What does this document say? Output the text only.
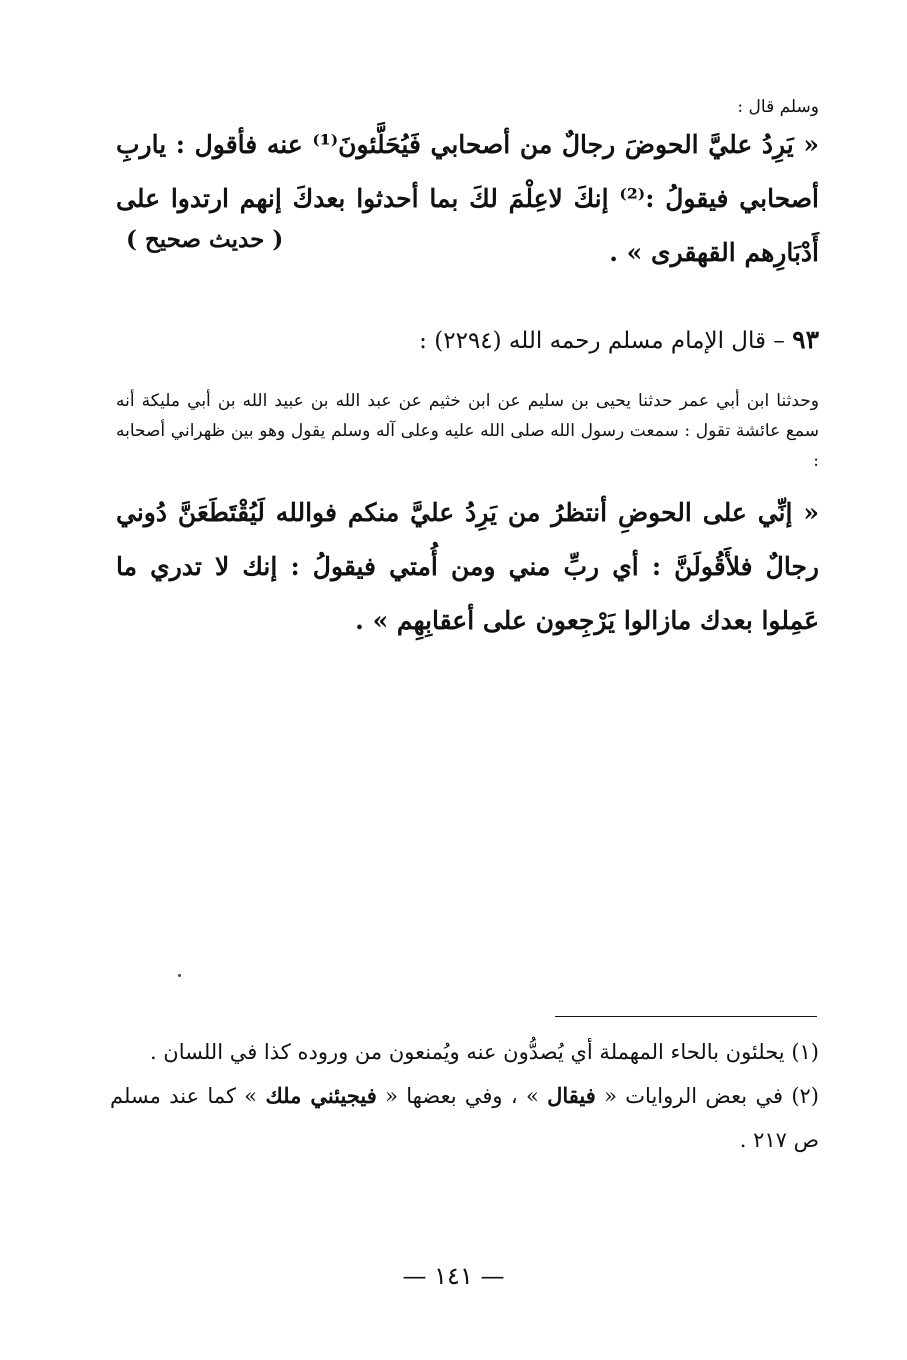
وسلم قال :

« يَرِدُ عليَّ الحوضَ رجالٌ من أصحابي فَيُحَلَّئونَ⁽¹⁾ عنه فأقول : ياربِ أصحابي فيقولُ :⁽²⁾ إنكَ لاعِلْمَ لكَ بما أحدثوا بعدكَ إنهم ارتدوا على أَدْبَارِهم القهقرى » .

( حديث صحيح )

٩٣ – قال الإمام مسلم رحمه الله (٢٢٩٤) :

وحدثنا ابن أبي عمر حدثنا يحيى بن سليم عن ابن خثيم عن عبد الله بن عبيد الله بن أبي مليكة أنه سمع عائشة تقول : سمعت رسول الله صلى الله عليه وعلى آله وسلم يقول وهو بين ظهراني أصحابه :

« إنِّي على الحوضِ أنتظرُ من يَرِدُ عليَّ منكم فوالله لَيُقْتَطَعَنَّ دُوني رجالٌ فلأَقُولَنَّ : أي ربِّ مني ومن أُمتي فيقولُ : إنك لا تدري ما عَمِلوا بعدك مازالوا يَرْجِعون على أعقابِهِم » .

(١) يحلئون بالحاء المهملة أي يُصدُّون عنه ويُمنعون من وروده كذا في اللسان .

(٢) في بعض الروايات « فيقال » ، وفي بعضها « فيجيئني ملك » كما عند مسلم ص ٢١٧ .

— ١٤١ —
